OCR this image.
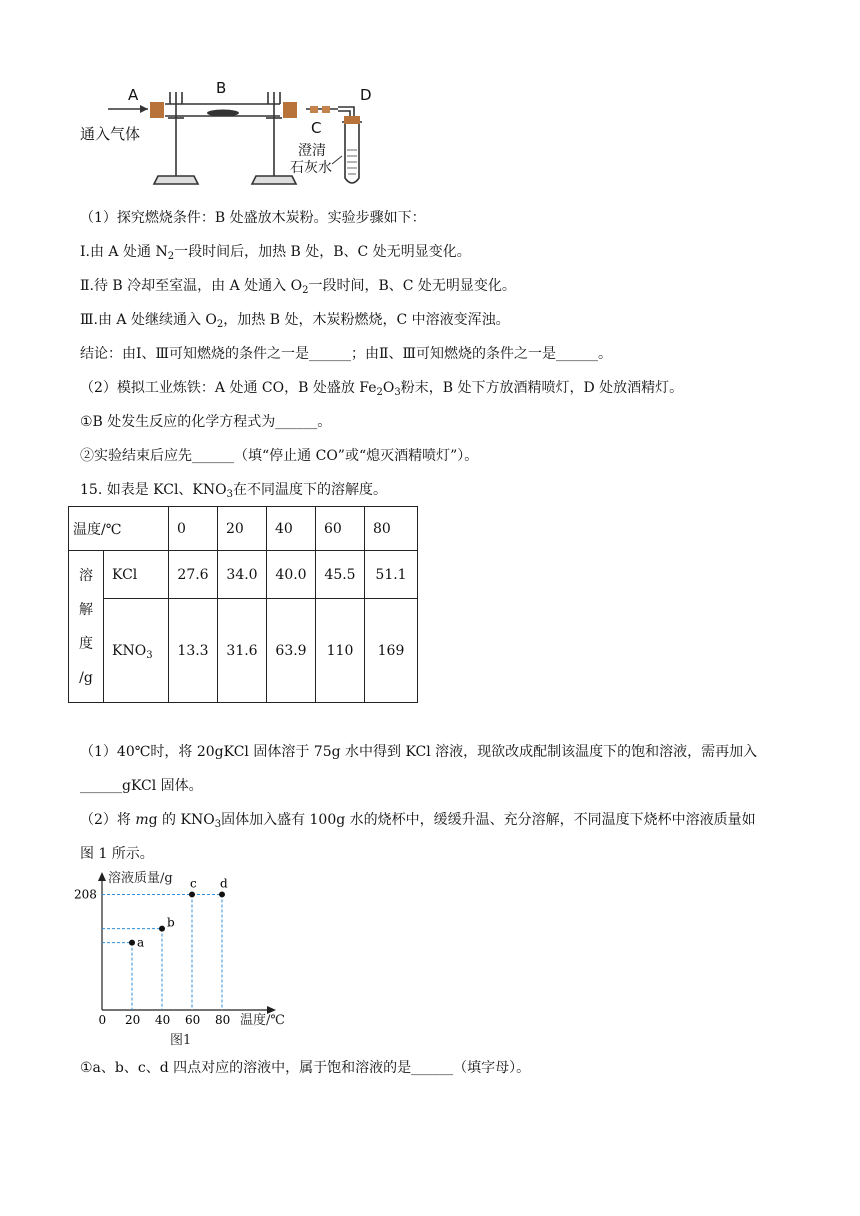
A	B
C
D
通入气体
澄清
石灰水
（1）探究燃烧条件：B 处盛放木炭粉。实验步骤如下：
Ⅰ.由 A 处通 $N_2$一段时间后，加热 B 处，B、C 处无明显变化。
Ⅱ.待 B 冷却至室温，由 A 处通入 $O_2$一段时间，B、C 处无明显变化。
Ⅲ.由 A 处继续通入 $O_2$，加热 B 处，木炭粉燃烧，C 中溶液变浑浊。
结论：由Ⅰ、Ⅲ可知燃烧的条件之一是______；由Ⅱ、Ⅲ可知燃烧的条件之一是______。
（2）模拟工业炼铁：A 处通 CO，B 处盛放 $Fe_2O_3$粉末，B 处下方放酒精喷灯，D 处放酒精灯。
①B 处发生反应的化学方程式为______。
②实验结束后应先______（填“停止通 CO”或“熄灭酒精喷灯”）。
15. 如表是 KCl、$KNO_3$在不同温度下的溶解度。
温度/℃		0	20	40	60	80

溶
解
度
/g	KCl	27.6	34.0	40.0	45.5	51.1
	$KNO_3$	13.3	31.6	63.9	110	169
（1）40℃时，将 20gKCl 固体溶于 75g 水中得到 KCl 溶液，现欲改成配制该温度下的饱和溶液，需再加入
______gKCl 固体。
（2）将 mg 的 $KNO_3$固体加入盛有 100g 水的烧杯中，缓缓升温、充分溶解，不同温度下烧杯中溶液质量如
图 1 所示。
a
b
c d
0 20 40 60 80
208
溶液质量/g
温度/℃
图1
①a、b、c、d 四点对应的溶液中，属于饱和溶液的是______（填字母）。
